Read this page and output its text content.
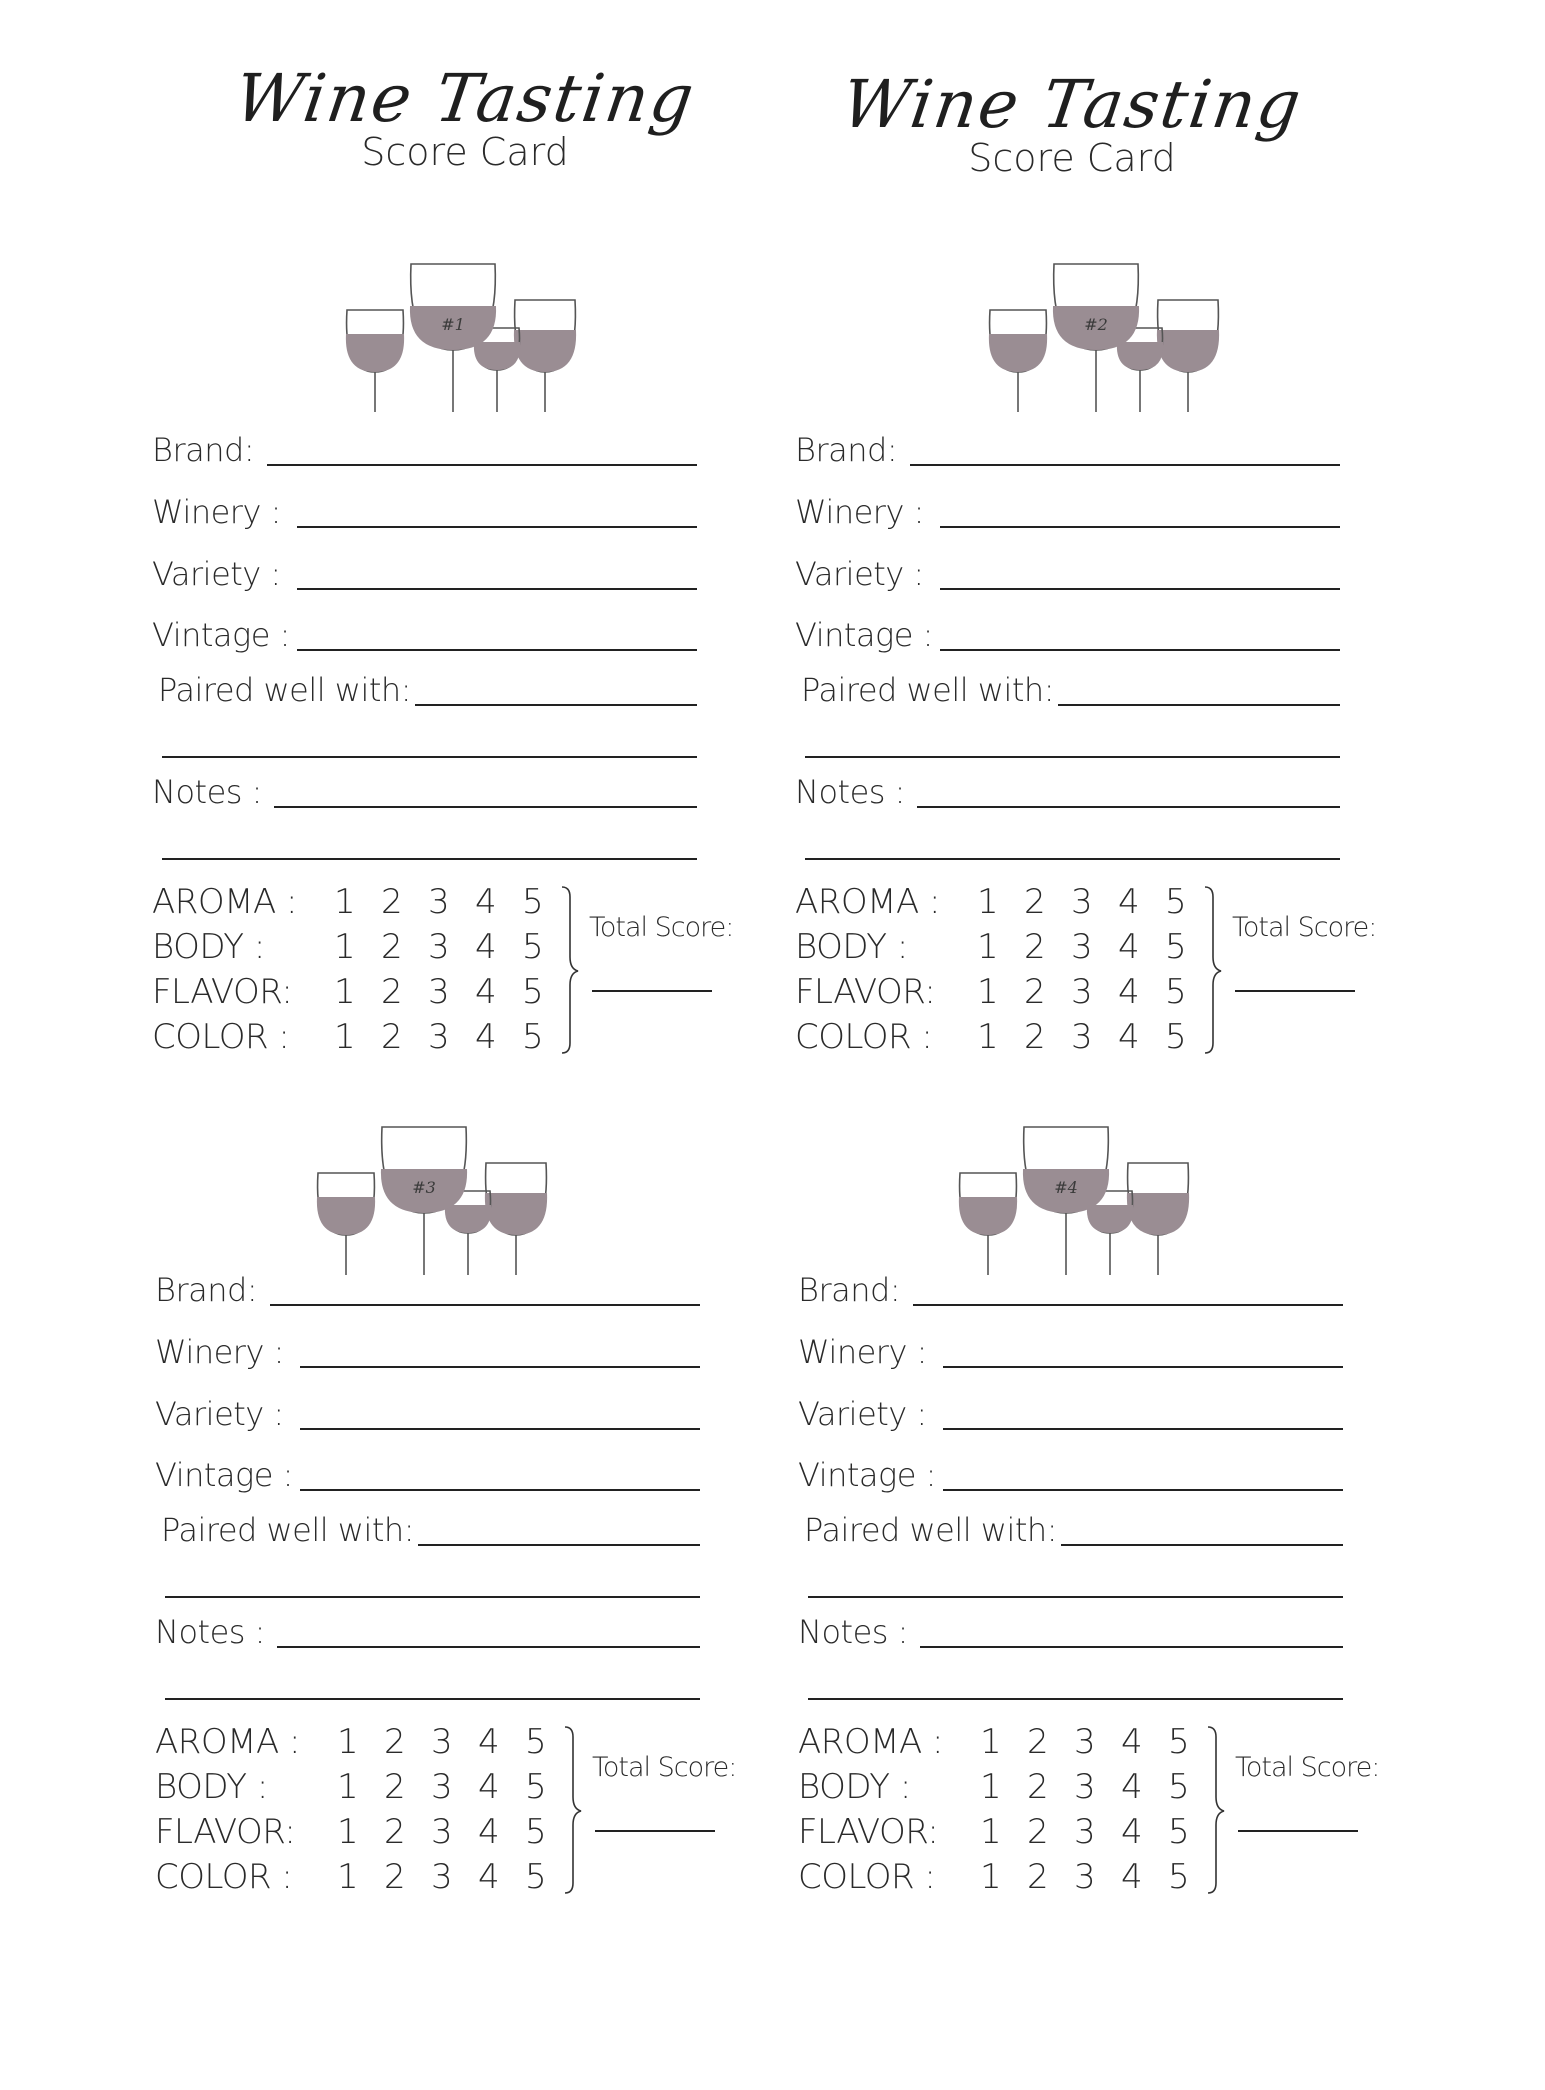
Wine Tasting
Score Card
Wine Tasting
Score Card
Brand:
Winery :
Variety :
Vintage :
Paired well with:
Notes :
AROMA : 1 2 3 4 5
BODY : 1 2 3 4 5
FLAVOR: 1 2 3 4 5
COLOR : 1 2 3 4 5
Total Score:
#1
Brand:
Winery :
Variety :
Vintage :
Paired well with:
Notes :
AROMA : 1 2 3 4 5
BODY : 1 2 3 4 5
FLAVOR: 1 2 3 4 5
COLOR : 1 2 3 4 5
Total Score:
#2
Brand:
Winery :
Variety :
Vintage :
Paired well with:
Notes :
AROMA : 1 2 3 4 5
BODY : 1 2 3 4 5
FLAVOR: 1 2 3 4 5
COLOR : 1 2 3 4 5
Total Score:
#3
Brand:
Winery :
Variety :
Vintage :
Paired well with:
Notes :
AROMA : 1 2 3 4 5
BODY : 1 2 3 4 5
FLAVOR: 1 2 3 4 5
COLOR : 1 2 3 4 5
Total Score:
#4
